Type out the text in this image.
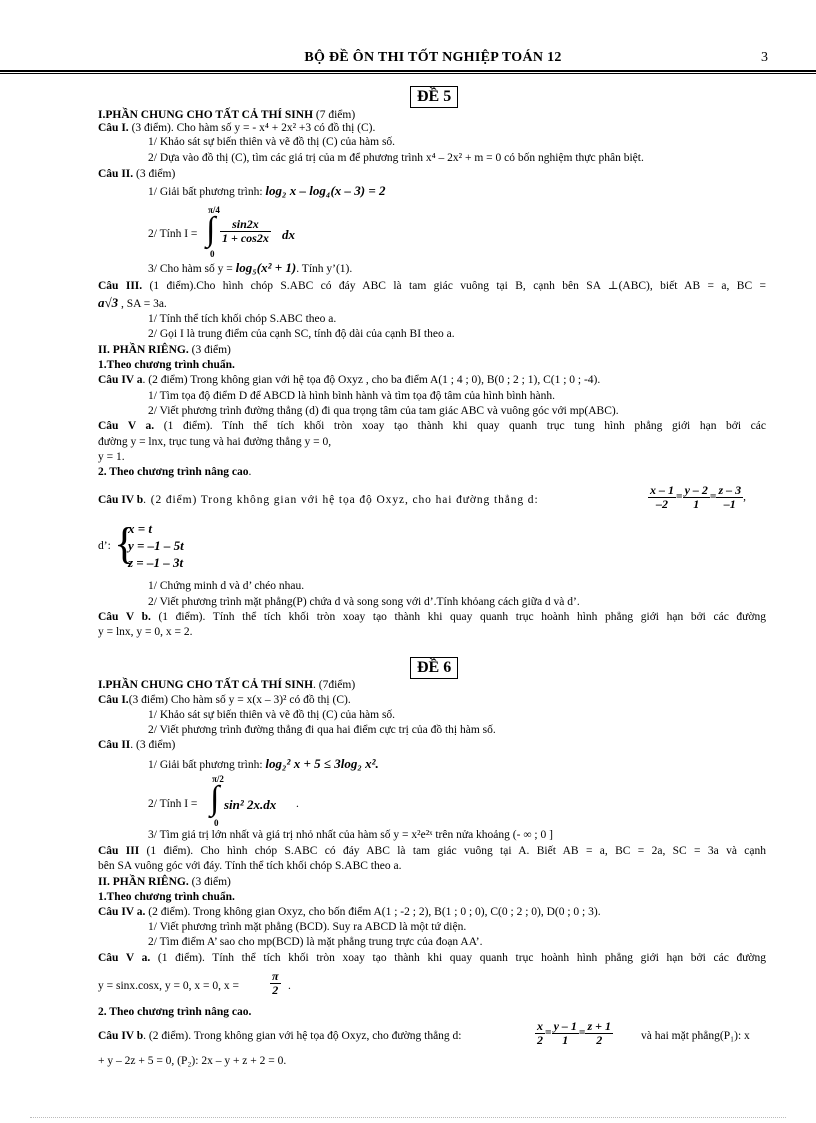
BỘ ĐỀ ÔN THI TỐT NGHIỆP TOÁN 12	3
ĐỀ 5
I.PHẦN CHUNG CHO TẤT CẢ THÍ SINH (7 điểm)
Câu I. (3 điểm). Cho hàm số y = - x⁴ + 2x² +3 có đồ thị (C).
1/ Khảo sát sự biến thiên và vẽ đồ thị (C) của hàm số.
2/ Dựa vào đồ thị (C), tìm các giá trị của m để phương trình x⁴ – 2x² + m = 0 có bốn nghiệm thực phân biệt.
Câu II. (3 điểm)
1/ Giải bất phương trình: log₂ x – log₄(x – 3) = 2
2/ Tính I =
π/4
∫
0
$\frac{\sin 2x}{1 + \cos 2x}$ dx
3/ Cho hàm số y = log₅(x² + 1). Tính y’(1).
Câu III. (1 điểm).Cho hình chóp S.ABC có đáy ABC là tam giác vuông tại B, cạnh bên SA ⊥(ABC), biết AB = a, BC =
a√3 , SA = 3a.
1/ Tính thể tích khối chóp S.ABC theo a.
2/ Gọi I là trung điểm của cạnh SC, tính độ dài của cạnh BI theo a.
II. PHẦN RIÊNG. (3 điểm)
1.Theo chương trình chuẩn.
Câu IV a. (2 điểm) Trong không gian với hệ tọa độ Oxyz , cho ba điểm A(1 ; 4 ; 0), B(0 ; 2 ; 1), C(1 ; 0 ; -4).
1/ Tìm tọa độ điểm D để ABCD là hình bình hành và tìm tọa độ tâm của hình bình hành.
2/ Viết phương trình đường thẳng (d) đi qua trọng tâm của tam giác ABC và vuông góc với mp(ABC).
Câu V a. (1 điểm). Tính thể tích khối tròn xoay tạo thành khi quay quanh trục tung hình phẳng giới hạn bởi các
đường y = lnx, trục tung và hai đường thẳng y = 0,
y = 1.
2. Theo chương trình nâng cao.
Câu IV b. (2 điểm) Trong không gian với hệ tọa độ Oxyz, cho hai đường thẳng d:	$\frac{x - 1}{-2} = \frac{y - 2}{1} = \frac{z - 3}{-1}$ ,
d’: {
x = t
y = –1 – 5t
z = –1 – 3t
1/ Chứng minh d và d’ chéo nhau.
2/ Viết phương trình mặt phẳng(P) chứa d và song song với d’.Tính khỏang cách giữa d và d’.
Câu V b. (1 điểm). Tính thể tích khối tròn xoay tạo thành khi quay quanh trục hoành hình phẳng giới hạn bởi các đường
y = lnx, y = 0, x = 2.
ĐỀ 6
I.PHẦN CHUNG CHO TẤT CẢ THÍ SINH. (7điểm)
Câu I.(3 điểm) Cho hàm số y = x(x – 3)² có đồ thị (C).
1/ Khảo sát sự biến thiên và vẽ đồ thị (C) của hàm số.
2/ Viết phương trình đường thẳng đi qua hai điểm cực trị của đồ thị hàm số.
Câu II. (3 điểm)
1/ Giải bất phương trình: log₂² x + 5 ≤ 3log₂ x².
2/ Tính I =
π/2
∫
0
sin² 2x.dx .
3/ Tìm giá trị lớn nhất và giá trị nhỏ nhất của hàm số y = x²e²ˣ trên nửa khoảng (- ∞ ; 0 ]
Câu III (1 điểm). Cho hình chóp S.ABC có đáy ABC là tam giác vuông tại A. Biết AB = a, BC = 2a, SC = 3a và cạnh
bên SA vuông góc với đáy. Tính thể tích khối chóp S.ABC theo a.
II. PHẦN RIÊNG. (3 điểm)
1.Theo chương trình chuẩn.
Câu IV a. (2 điểm). Trong không gian Oxyz, cho bốn điểm A(1 ; -2 ; 2), B(1 ; 0 ; 0), C(0 ; 2 ; 0), D(0 ; 0 ; 3).
1/ Viết phương trình mặt phẳng (BCD). Suy ra ABCD là một tứ diện.
2/ Tìm điểm A’ sao cho mp(BCD) là mặt phẳng trung trực của đoạn AA’.
Câu V a. (1 điểm). Tính thể tích khối tròn xoay tạo thành khi quay quanh trục hoành hình phẳng giới hạn bởi các đường
y = sinx.cosx, y = 0, x = 0, x =	$\frac{\pi}{2}$ .
2. Theo chương trình nâng cao.
Câu IV b. (2 điểm). Trong không gian với hệ tọa độ Oxyz, cho đường thẳng d:	$\frac{x}{2} = \frac{y - 1}{1} = \frac{z + 1}{2}$ và hai mặt phẳng(P₁): x
+ y – 2z + 5 = 0, (P₂): 2x – y + z + 2 = 0.
